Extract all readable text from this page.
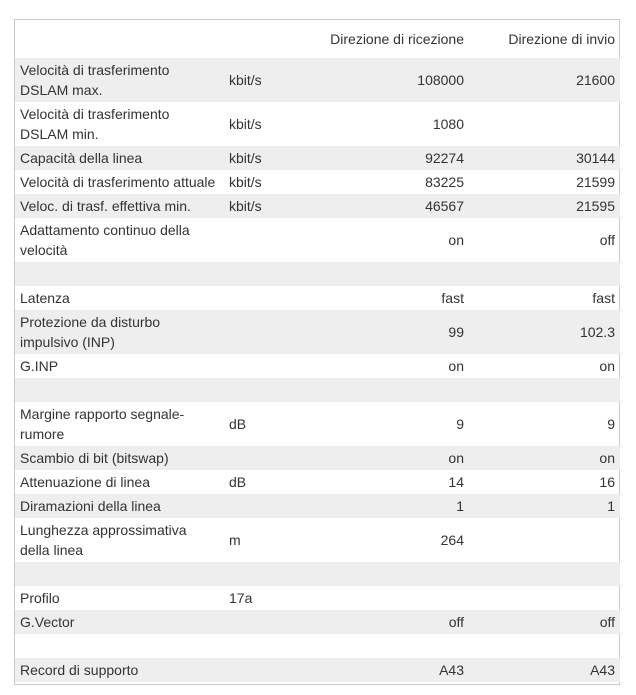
		Direzione di ricezione	Direzione di invio
Velocità di trasferimento DSLAM max.	kbit/s	108000	21600
Velocità di trasferimento DSLAM min.	kbit/s	1080	
Capacità della linea	kbit/s	92274	30144
Velocità di trasferimento attuale	kbit/s	83225	21599
Veloc. di trasf. effettiva min.	kbit/s	46567	21595
Adattamento continuo della velocità		on	off

Latenza		fast	fast
Protezione da disturbo impulsivo (INP)		99	102.3
G.INP		on	on

Margine rapporto segnale-rumore	dB	9	9
Scambio di bit (bitswap)		on	on
Attenuazione di linea	dB	14	16
Diramazioni della linea		1	1
Lunghezza approssimativa della linea	m	264	

Profilo	17a		
G.Vector		off	off

Record di supporto		A43	A43
